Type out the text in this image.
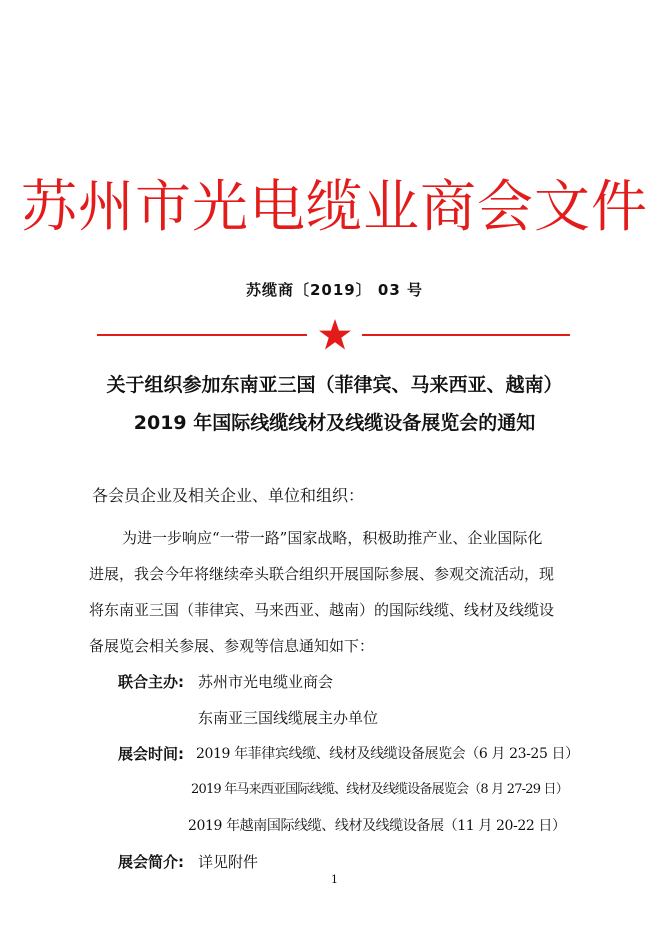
苏州市光电缆业商会文件
苏缆商〔2019〕 03 号
关于组织参加东南亚三国（菲律宾、马来西亚、越南）
2019 年国际线缆线材及线缆设备展览会的通知
各会员企业及相关企业、单位和组织：
为进一步响应“一带一路”国家战略，积极助推产业、企业国际化
进展，我会今年将继续牵头联合组织开展国际参展、参观交流活动，现
将东南亚三国（菲律宾、马来西亚、越南）的国际线缆、线材及线缆设
备展览会相关参展、参观等信息通知如下：
联合主办: 苏州市光电缆业商会
东南亚三国线缆展主办单位
展会时间: 2019 年菲律宾线缆、线材及线缆设备展览会（6 月 23-25 日）
2019 年马来西亚国际线缆、线材及线缆设备展览会（8 月 27-29 日）
2019 年越南国际线缆、线材及线缆设备展（11 月 20-22 日）
展会简介: 详见附件
1
